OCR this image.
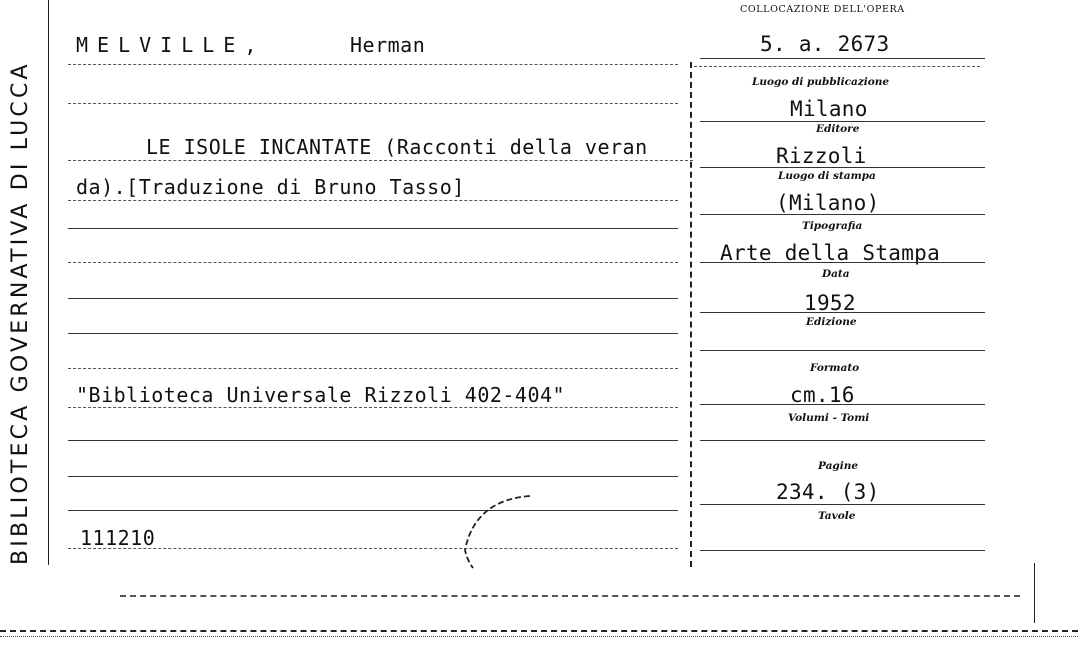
BIBLIOTECA GOVERNATIVA DI LUCCA
MELVILLE,	Herman
LE ISOLE INCANTATE (Racconti della veran
da).[Traduzione di Bruno Tasso]
"Biblioteca Universale Rizzoli 402-404"
111210
COLLOCAZIONE DELL'OPERA
5. a. 2673
Luogo di pubblicazione
Milano
Editore
Rizzoli
Luogo di stampa
(Milano)
Tipografia
Arte della Stampa
Data
1952
Edizione
Formato
cm.16
Volumi - Tomi
Pagine
234. (3)
Tavole
